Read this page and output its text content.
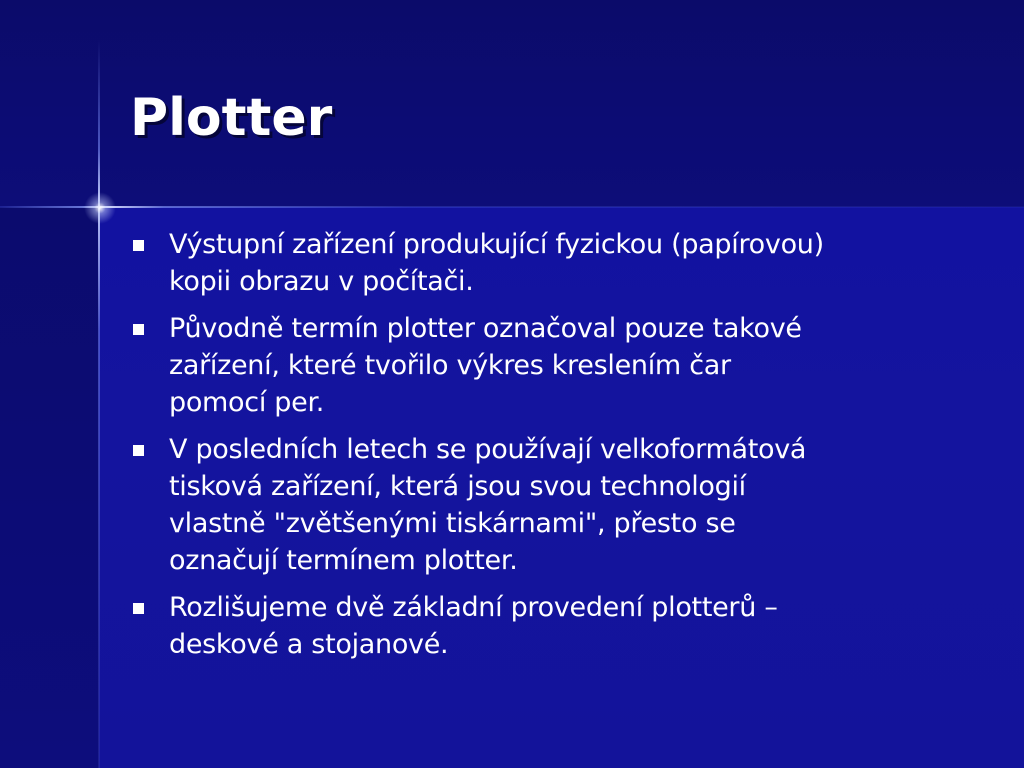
Plotter
Výstupní zařízení produkující fyzickou (papírovou)
kopii obrazu v počítači.
Původně termín plotter označoval pouze takové
zařízení, které tvořilo výkres kreslením čar
pomocí per.
V posledních letech se používají velkoformátová
tisková zařízení, která jsou svou technologií
vlastně "zvětšenými tiskárnami", přesto se
označují termínem plotter.
Rozlišujeme dvě základní provedení plotterů –
deskové a stojanové.
